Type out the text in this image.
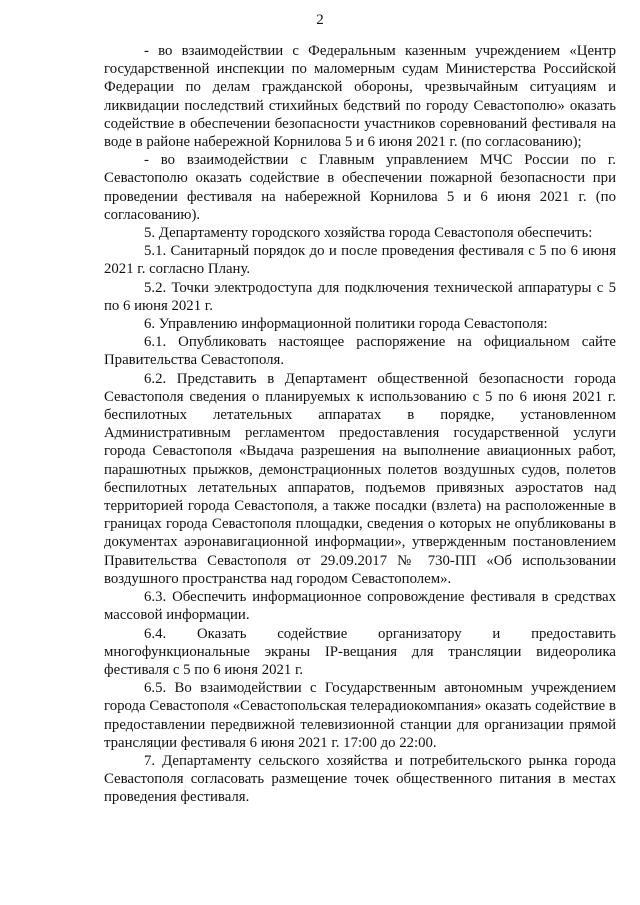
2

- во взаимодействии с Федеральным казенным учреждением «Центр государственной инспекции по маломерным судам Министерства Российской Федерации по делам гражданской обороны, чрезвычайным ситуациям и ликвидации последствий стихийных бедствий по городу Севастополю» оказать содействие в обеспечении безопасности участников соревнований фестиваля на воде в районе набережной Корнилова 5 и 6 июня 2021 г. (по согласованию);

- во взаимодействии с Главным управлением МЧС России по г. Севастополю оказать содействие в обеспечении пожарной безопасности при проведении фестиваля на набережной Корнилова 5 и 6 июня 2021 г. (по согласованию).

5. Департаменту городского хозяйства города Севастополя обеспечить:

5.1. Санитарный порядок до и после проведения фестиваля с 5 по 6 июня 2021 г. согласно Плану.

5.2. Точки электродоступа для подключения технической аппаратуры с 5 по 6 июня 2021 г.

6. Управлению информационной политики города Севастополя:

6.1. Опубликовать настоящее распоряжение на официальном сайте Правительства Севастополя.

6.2. Представить в Департамент общественной безопасности города Севастополя сведения о планируемых к использованию с 5 по 6 июня 2021 г. беспилотных летательных аппаратах в порядке, установленном Административным регламентом предоставления государственной услуги города Севастополя «Выдача разрешения на выполнение авиационных работ, парашютных прыжков, демонстрационных полетов воздушных судов, полетов беспилотных летательных аппаратов, подъемов привязных аэростатов над территорией города Севастополя, а также посадки (взлета) на расположенные в границах города Севастополя площадки, сведения о которых не опубликованы в документах аэронавигационной информации», утвержденным постановлением Правительства Севастополя от 29.09.2017 № 730-ПП «Об использовании воздушного пространства над городом Севастополем».

6.3. Обеспечить информационное сопровождение фестиваля в средствах массовой информации.

6.4. Оказать содействие организатору и предоставить многофункциональные экраны IP-вещания для трансляции видеоролика фестиваля с 5 по 6 июня 2021 г.

6.5. Во взаимодействии с Государственным автономным учреждением города Севастополя «Севастопольская телерадиокомпания» оказать содействие в предоставлении передвижной телевизионной станции для организации прямой трансляции фестиваля 6 июня 2021 г. 17:00 до 22:00.

7. Департаменту сельского хозяйства и потребительского рынка города Севастополя согласовать размещение точек общественного питания в местах проведения фестиваля.
